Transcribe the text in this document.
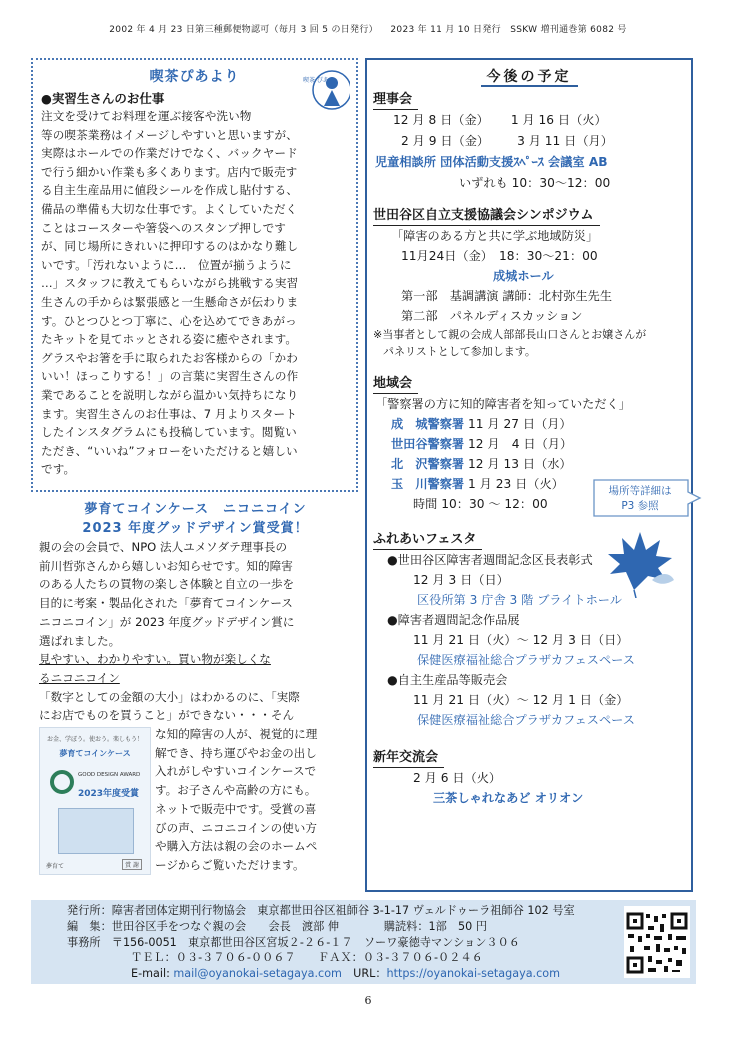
2002 年 4 月 23 日第三種郵便物認可（毎月 3 回 5 の日発行） 　2023 年 11 月 10 日発行　SSKW 増刊通巻第 6082 号
喫茶ぴあより	喫茶 ぴあ
●実習生さんのお仕事
注文を受けてお料理を運ぶ接客や洗い物
等の喫茶業務はイメージしやすいと思いますが、
実際はホールでの作業だけでなく、バックヤード
で行う細かい作業も多くあります。店内で販売す
る自主生産品用に値段シールを作成し貼付する、
備品の準備も大切な仕事です。よくしていただく
ことはコースターや箸袋へのスタンプ押しです
が、同じ場所にきれいに押印するのはかなり難し
いです。「汚れないように…　位置が揃うように
…」スタッフに教えてもらいながら挑戦する実習
生さんの手からは緊張感と一生懸命さが伝わりま
す。ひとつひとつ丁寧に、心を込めてできあがっ
たキットを見てホッとされる姿に癒やされます。
グラスやお箸を手に取られたお客様からの「かわ
いい！ほっこりする！」の言葉に実習生さんの作
業であることを説明しながら温かい気持ちになり
ます。実習生さんのお仕事は、7 月よりスタート
したインスタグラムにも投稿しています。閲覧い
ただき、“いいね”フォローをいただけると嬉しい
です。
夢育てコインケース　ニコニコイン
2023 年度グッドデザイン賞受賞！
親の会の会員で、NPO 法人ユメソダテ理事長の
前川哲弥さんから嬉しいお知らせです。知的障害
のある人たちの買物の楽しさ体験と自立の一歩を
目的に考案・製品化された「夢育てコインケース
ニコニコイン」が 2023 年度グッドデザイン賞に
選ばれました。
見やすい、わかりやすい。買い物が楽しくな
るニコニコイン
「数字としての金額の大小」はわかるのに、「実際
にお店でものを買うこと」ができない・・・そん
お金、学ぼう。使おう。楽しもう！
夢育てコインケース
GOOD DESIGN AWARD
2023年度受賞
夢育て	賞 謝
な知的障害の人が、視覚的に理
解でき、持ち運びやお金の出し
入れがしやすいコインケースで
す。お子さんや高齢の方にも。
ネットで販売中です。受賞の喜
びの声、ニコニコインの使い方
や購入方法は親の会のホームペ
ージからご覧いただけます。
今後の予定
理事会
12 月 8 日（金） 1 月 16 日（火）
2 月 9 日（金） 3 月 11 日（月）
児童相談所 団体活動支援ｽﾍﾟｰｽ 会議室 AB
いずれも 10：30～12：00
世田谷区自立支援協議会シンポジウム
「障害のある方と共に学ぶ地域防災」
11月24日（金）　18：30～21：00
成城ホール
第一部　基調講演 講師：北村弥生先生
第二部　パネルディスカッション
※当事者として親の会成人部部長山口さんとお嬢さんが
パネリストとして参加します。
地域会
「警察署の方に知的障害者を知っていただく」
成　城警察署 11 月 27 日（月）
世田谷警察署 12 月　4 日（月）
北　沢警察署 12 月 13 日（水）
玉　川警察署 1 月 23 日（火）
時間 10：30 ～ 12：00
ふれあいフェスタ
●世田谷区障害者週間記念区長表彰式
12 月 3 日（日）
区役所第 3 庁舎 3 階 ブライトホール
●障害者週間記念作品展
11 月 21 日（火）～ 12 月 3 日（日）
保健医療福祉総合プラザカフェスペース
●自主生産品等販売会
11 月 21 日（火）～ 12 月 1 日（金）
保健医療福祉総合プラザカフェスペース
新年交流会
2 月 6 日（火）
三茶しゃれなあど オリオン
場所等詳細は
P3 参照
発行所：障害者団体定期刊行物協会　東京都世田谷区祖師谷 3-1-17 ヴェルドゥーラ祖師谷 102 号室
編　集：世田谷区手をつなぐ親の会　　会長　渡部 伸　　　　購読料：1部　50 円
事務所　〒156-0051　東京都世田谷区宮坂２-２６-１７　ソーワ豪徳寺マンション３０６
ＴＥＬ：０３-３７０６-００６７　　ＦＡＸ：０３-３７０６-０２４６
E-mail: mail@oyanokai-setagaya.com　URL：https://oyanokai-setagaya.com
6
